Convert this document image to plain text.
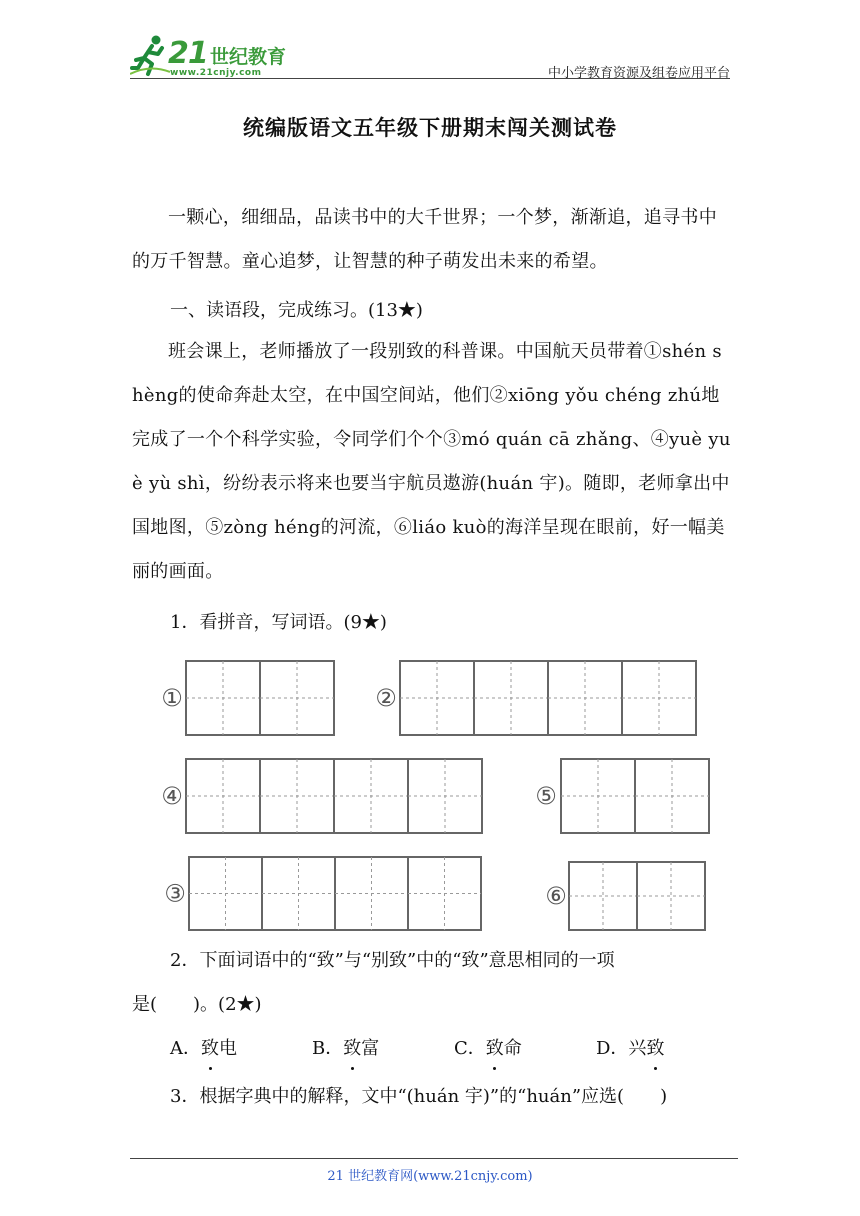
21 世纪教育
www.21cnjy.com	中小学教育资源及组卷应用平台
统编版语文五年级下册期末闯关测试卷
一颗心，细细品，品读书中的大千世界；一个梦，渐渐追，追寻书中的万千智慧。童心追梦，让智慧的种子萌发出未来的希望。
一、读语段，完成练习。(13★)
班会课上，老师播放了一段别致的科普课。中国航天员带着①shén shèng的使命奔赴太空，在中国空间站，他们②xiōng yǒu chéng zhú地完成了一个个科学实验，令同学们个个③mó quán cā zhǎng、④yuè yuè yù shì，纷纷表示将来也要当宇航员遨游(huán 宇)。随即，老师拿出中国地图，⑤zòng héng的河流，⑥liáo kuò的海洋呈现在眼前，好一幅美丽的画面。
1．看拼音，写词语。(9★)
①	②
④	⑤
③	⑥
2．下面词语中的“致”与“别致”中的“致”意思相同的一项
是(　　)。(2★)
A．致电	B．致富	C．致命	D．兴致
3．根据字典中的解释，文中“(huán 宇)”的“huán”应选(　　)
21 世纪教育网(www.21cnjy.com)
